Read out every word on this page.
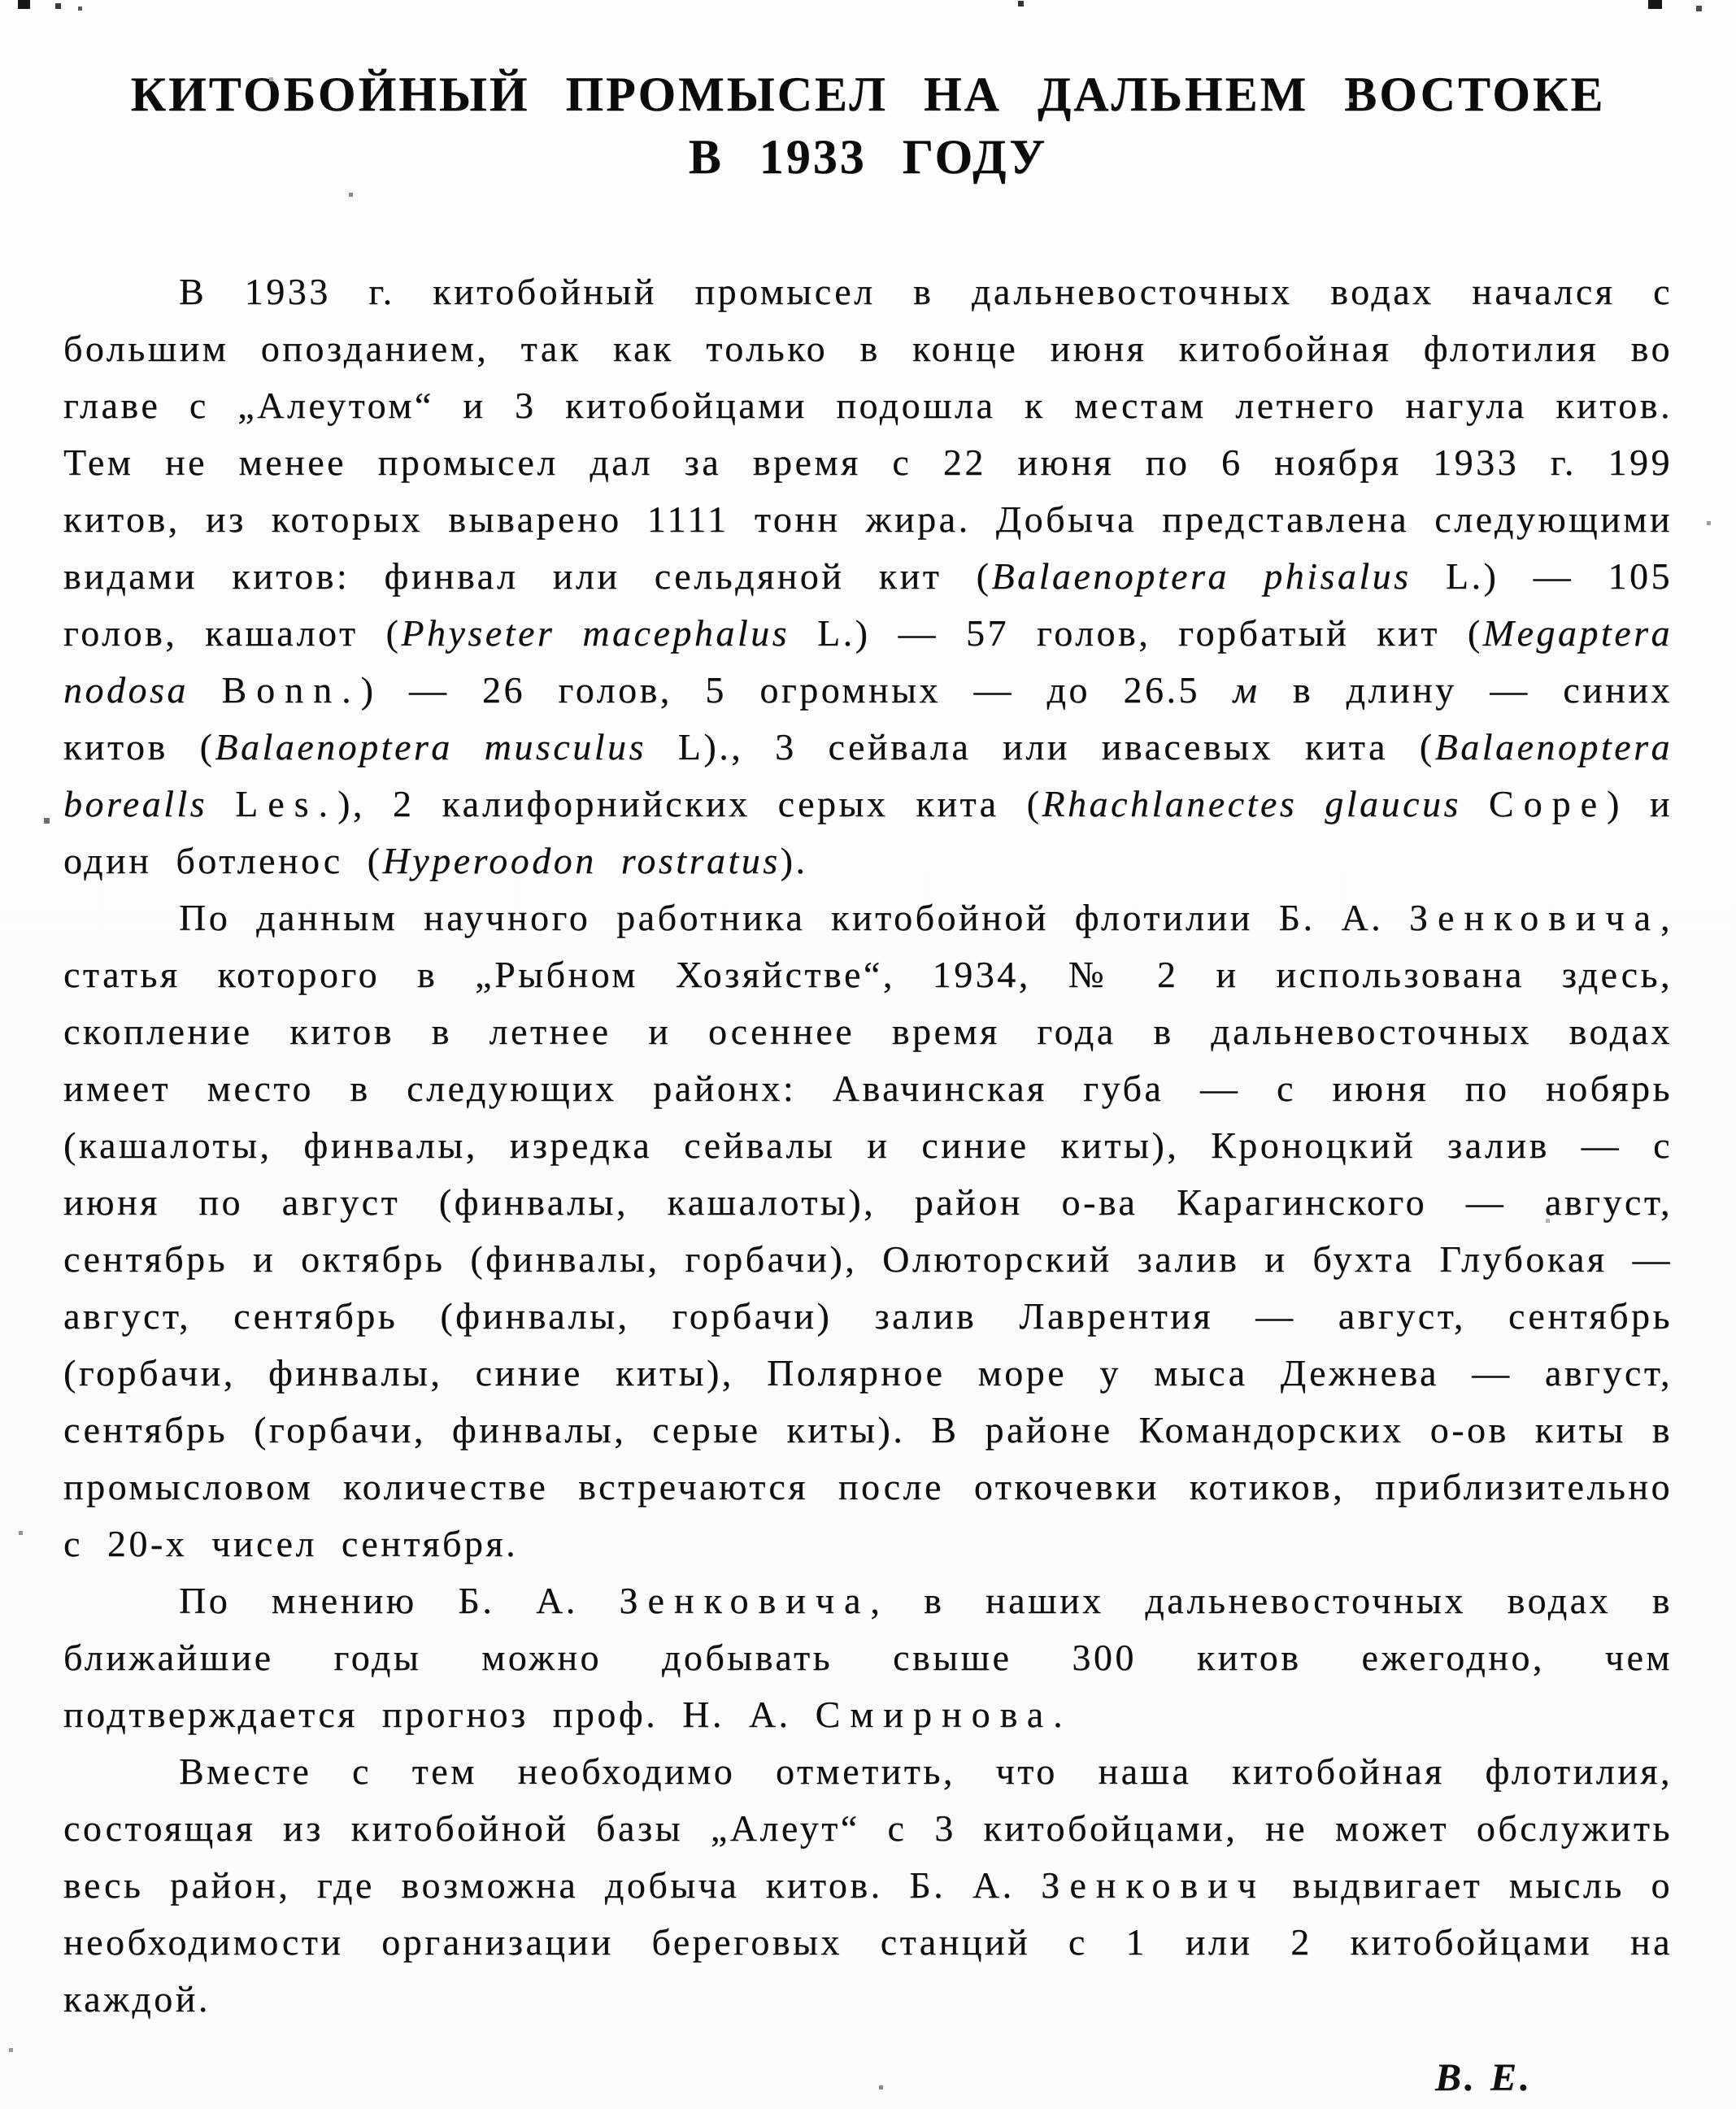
КИТОБОЙНЫЙ ПРОМЫСЕЛ НА ДАЛЬНЕМ ВОСТОКЕ
В 1933 ГОДУ

В 1933 г. китобойный промысел в дальневосточных водах начался с большим опозданием, так как только в конце июня китобойная флотилия во главе с „Алеутом“ и 3 китобойцами подошла к местам летнего нагула китов. Тем не менее промысел дал за время с 22 июня по 6 ноября 1933 г. 199 китов, из которых выварено 1111 тонн жира. Добыча представлена следующими видами китов: финвал или сельдяной кит (Balaenoptera phisalus L.) — 105 голов, кашалот (Physeter macephalus L.) — 57 голов, горбатый кит (Megaptera nodosa Bonn.) — 26 голов, 5 огромных — до 26.5 м в длину — синих китов (Balaenoptera musculus L)., 3 сейвала или ивасевых кита (Balaenoptera borealls Les.), 2 калифорнийских серых кита (Rhachlanectes glaucus Cope) и один ботленос (Hyperoodon rostratus).

По данным научного работника китобойной флотилии Б. А. Зенковича, статья которого в „Рыбном Хозяйстве“, 1934, № 2 и использована здесь, скопление китов в летнее и осеннее время года в дальневосточных водах имеет место в следующих районх: Авачинская губа — с июня по нобярь (кашалоты, финвалы, изредка сейвалы и синие киты), Кроноцкий залив — с июня по август (финвалы, кашалоты), район о-ва Карагинского — август, сентябрь и октябрь (финвалы, горбачи), Олюторский залив и бухта Глубокая — август, сентябрь (финвалы, горбачи) залив Лаврентия — август, сентябрь (горбачи, финвалы, синие киты), Полярное море у мыса Дежнева — август, сентябрь (горбачи, финвалы, серые киты). В районе Командорских о-ов киты в промысловом количестве встречаются после откочевки котиков, приблизительно с 20-х чисел сентября.

По мнению Б. А. Зенковича, в наших дальневосточных водах в ближайшие годы можно добывать свыше 300 китов ежегодно, чем подтверждается прогноз проф. Н. А. Смирнова.

Вместе с тем необходимо отметить, что наша китобойная флотилия, состоящая из китобойной базы „Алеут“ с 3 китобойцами, не может обслужить весь район, где возможна добыча китов. Б. А. Зенкович выдвигает мысль о необходимости организации береговых станций с 1 или 2 китобойцами на каждой.

В. Е.
